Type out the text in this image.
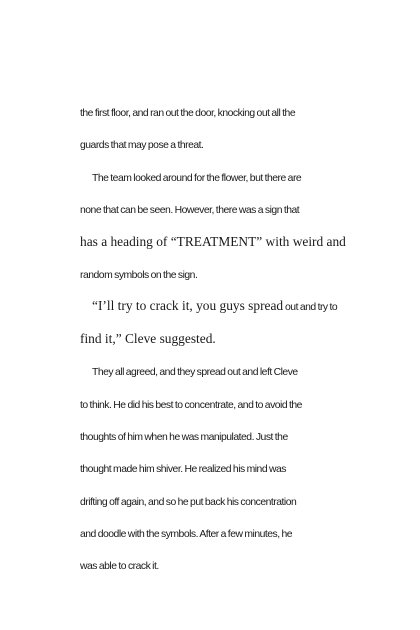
the first floor, and ran out the door, knocking out all the
guards that may pose a threat.
The team looked around for the flower, but there are
none that can be seen. However, there was a sign that
has a heading of “TREATMENT” with weird and
random symbols on the sign.
“I’ll try to crack it, you guys spread out and try to
find it,” Cleve suggested.
They all agreed, and they spread out and left Cleve
to think. He did his best to concentrate, and to avoid the
thoughts of him when he was manipulated. Just the
thought made him shiver. He realized his mind was
drifting off again, and so he put back his concentration
and doodle with the symbols. After a few minutes, he
was able to crack it.
